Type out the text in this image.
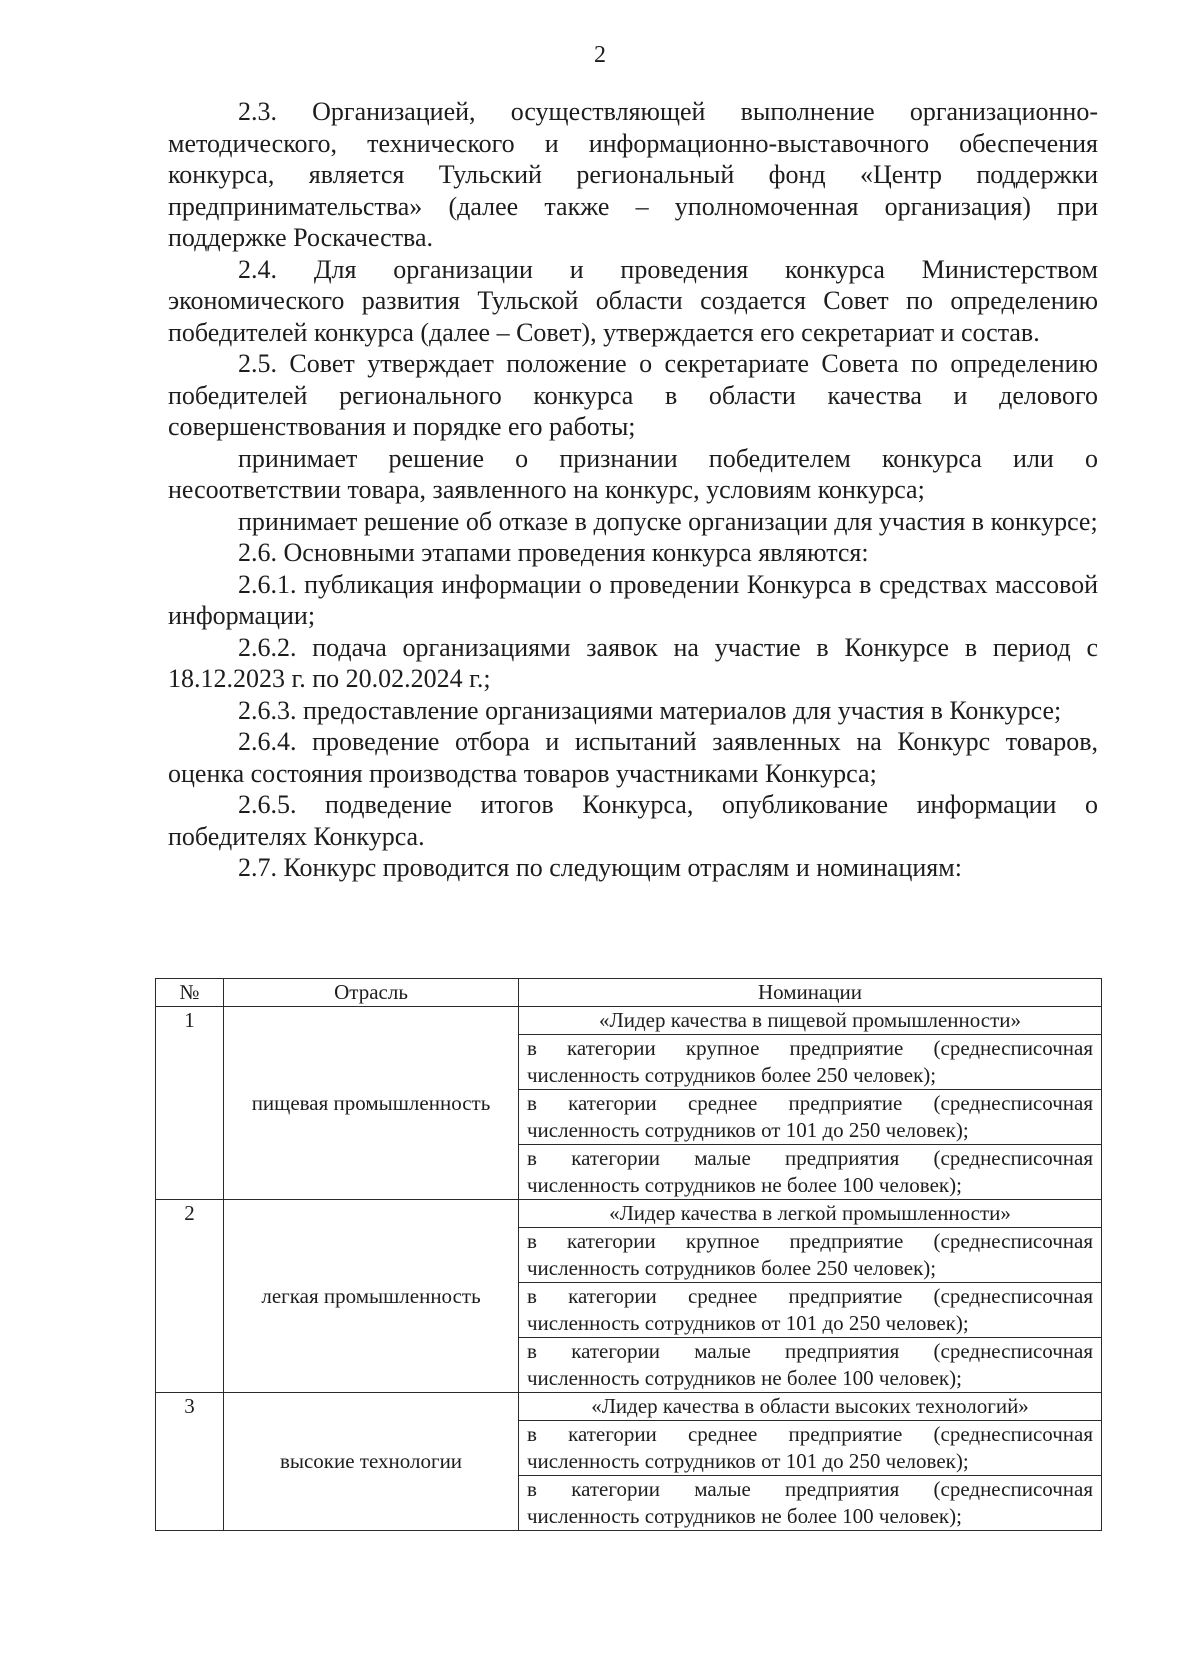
2

2.3. Организацией, осуществляющей выполнение организационно-методического, технического и информационно-выставочного обеспечения конкурса, является Тульский региональный фонд «Центр поддержки предпринимательства» (далее также – уполномоченная организация) при поддержке Роскачества.

2.4. Для организации и проведения конкурса Министерством экономического развития Тульской области создается Совет по определению победителей конкурса (далее – Совет), утверждается его секретариат и состав.

2.5. Совет утверждает положение о секретариате Совета по определению победителей регионального конкурса в области качества и делового совершенствования и порядке его работы;

принимает решение о признании победителем конкурса или о несоответствии товара, заявленного на конкурс, условиям конкурса;

принимает решение об отказе в допуске организации для участия в конкурсе;

2.6. Основными этапами проведения конкурса являются:

2.6.1. публикация информации о проведении Конкурса в средствах массовой информации;

2.6.2. подача организациями заявок на участие в Конкурсе в период с 18.12.2023 г. по 20.02.2024 г.;

2.6.3. предоставление организациями материалов для участия в Конкурсе;

2.6.4. проведение отбора и испытаний заявленных на Конкурс товаров, оценка состояния производства товаров участниками Конкурса;

2.6.5. подведение итогов Конкурса, опубликование информации о победителях Конкурса.

2.7. Конкурс проводится по следующим отраслям и номинациям:

№	Отрасль	Номинации
1	пищевая промышленность	«Лидер качества в пищевой промышленности»
		в категории крупное предприятие (среднесписочная численность сотрудников более 250 человек);
		в категории среднее предприятие (среднесписочная численность сотрудников от 101 до 250 человек);
		в категории малые предприятия (среднесписочная численность сотрудников не более 100 человек);
2	легкая промышленность	«Лидер качества в легкой промышленности»
		в категории крупное предприятие (среднесписочная численность сотрудников более 250 человек);
		в категории среднее предприятие (среднесписочная численность сотрудников от 101 до 250 человек);
		в категории малые предприятия (среднесписочная численность сотрудников не более 100 человек);
3	высокие технологии	«Лидер качества в области высоких технологий»
		в категории среднее предприятие (среднесписочная численность сотрудников от 101 до 250 человек);
		в категории малые предприятия (среднесписочная численность сотрудников не более 100 человек);
